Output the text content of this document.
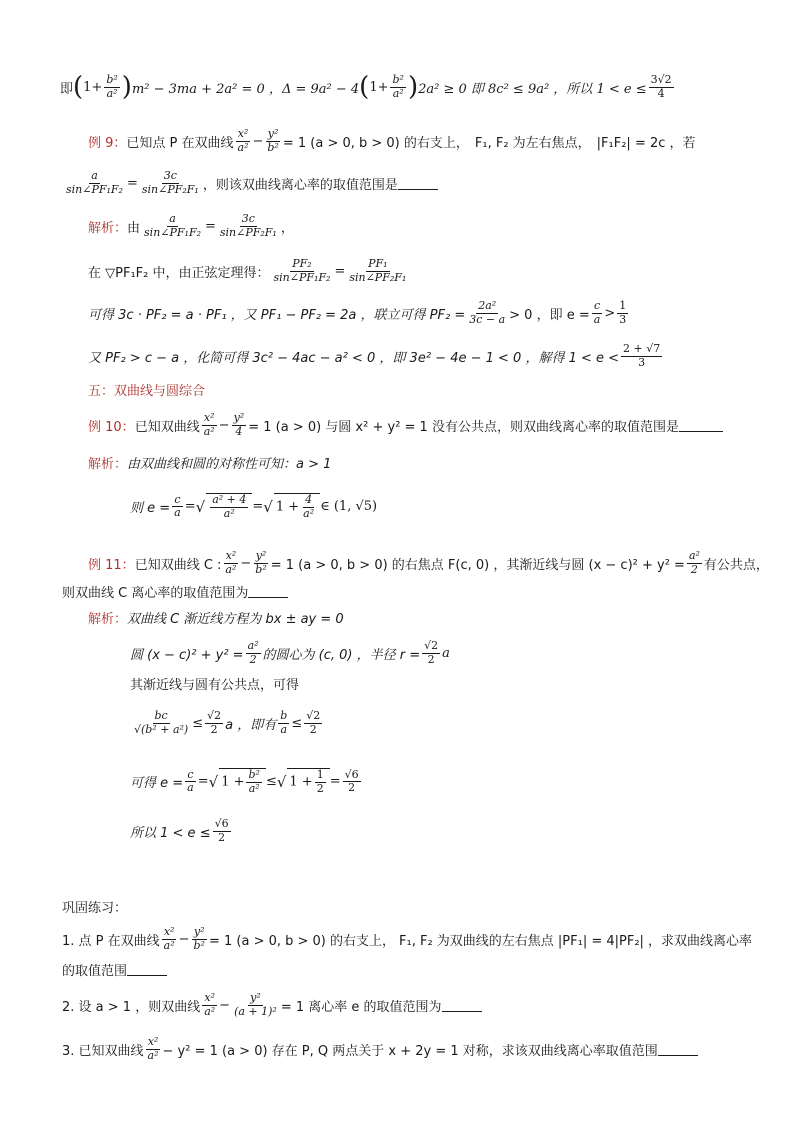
即 ( $1+ \frac{\text{b²}}{\text{a²}}$ ) m² − 3ma + 2a² = 0 ，Δ = 9a² − 4 ( $1+ \frac{\text{b²}}{\text{a²}}$ ) 2a² ≥ 0 即 8c² ≤ 9a² ，所以 $1 < e \le \frac{3√2}{4}$
例 9： 已知点 P 在双曲线 $\frac{\text{x²}}{\text{a²}} - \frac{\text{y²}}{\text{b²}} = 1$ (a > 0, b > 0) 的右支上， F₁, F₂ 为左右焦点， |F₁F₂| = 2c ，若
$\frac{a}{\text{sin∠PF₁F₂}} = \frac{3c}{\text{sin∠PF₂F₁}}$ ，则该双曲线离心率的取值范围是
解析： 由 $\frac{a}{\text{sin∠PF₁F₂}} = \frac{3c}{\text{sin∠PF₂F₁}}$ ，
在 ▽PF₁F₂ 中，由正弦定理得： $\frac{\text{PF₂}}{\text{sin∠PF₁F₂}} = \frac{\text{PF₁}}{\text{sin∠PF₂F₁}}$
可得 3c · PF₂ = a · PF₁ ，又 PF₁ − PF₂ = 2a ，联立可得 $PF_2 = \frac{\text{2a²}}{3c - a} > 0$ ，即 $e = \frac{c}{a} > \frac{1}{3}$
又 PF₂ > c − a ，化简可得 3c² − 4ac − a² < 0 ，即 3e² − 4e − 1 < 0 ，解得 $1 < e < \frac{2 + √7}{3}$
五：双曲线与圆综合
例 10： 已知双曲线 $\frac{\text{x²}}{\text{a²}} - \frac{\text{y²}}{4} = 1$ (a > 0) 与圆 x² + y² = 1 没有公共点，则双曲线离心率的取值范围是
解析： 由双曲线和圆的对称性可知：a > 1
则 $e = \frac{c}{a}$ = √ $\frac{\text{a² + 4}}{\text{a²}}$ = √ $1 + \frac{4}{\text{a²}}$ ∈ (1, √5)
例 11： 已知双曲线 C : $\frac{\text{x²}}{\text{a²}} - \frac{\text{y²}}{\text{b²}} = 1$ (a > 0, b > 0) 的右焦点 F(c, 0) ，其渐近线与圆 $(x - c)^2 + y^2 = \frac{\text{a²}}{2}$ 有公共点，
则双曲线 C 离心率的取值范围为
解析： 双曲线 C 渐近线方程为 bx ± ay = 0
圆 $(x - c)^2 + y^2 = \frac{\text{a²}}{2}$ 的圆心为 (c, 0) ，半径 $r = \frac{√2}{2}$ a
其渐近线与圆有公共点，可得
$\frac{bc}{\text{√(b² + a²)}} \le \frac{√2}{2}$ a ，即有 $\frac{b}{a} \le \frac{√2}{2}$
可得 $e = \frac{c}{a}$ = √ $1 + \frac{\text{b²}}{\text{a²}}$ ≤ √ $1 + \frac{1}{2} = \frac{√6}{2}$
所以 $1 < e \le \frac{√6}{2}$
巩固练习：
1. 点 P 在双曲线 $\frac{\text{x²}}{\text{a²}} - \frac{\text{y²}}{\text{b²}} = 1$ (a > 0, b > 0) 的右支上， F₁, F₂ 为双曲线的左右焦点 |PF₁| = 4|PF₂| ，求双曲线离心率
的取值范围
2. 设 a > 1 ，则双曲线 $\frac{\text{x²}}{\text{a²}} - \frac{\text{y²}}{\text{(a + 1)²}} = 1$ 离心率 e 的取值范围为
3. 已知双曲线 $\frac{\text{x²}}{\text{a²}} - y^2 = 1$ (a > 0) 存在 P, Q 两点关于 x + 2y = 1 对称，求该双曲线离心率取值范围
